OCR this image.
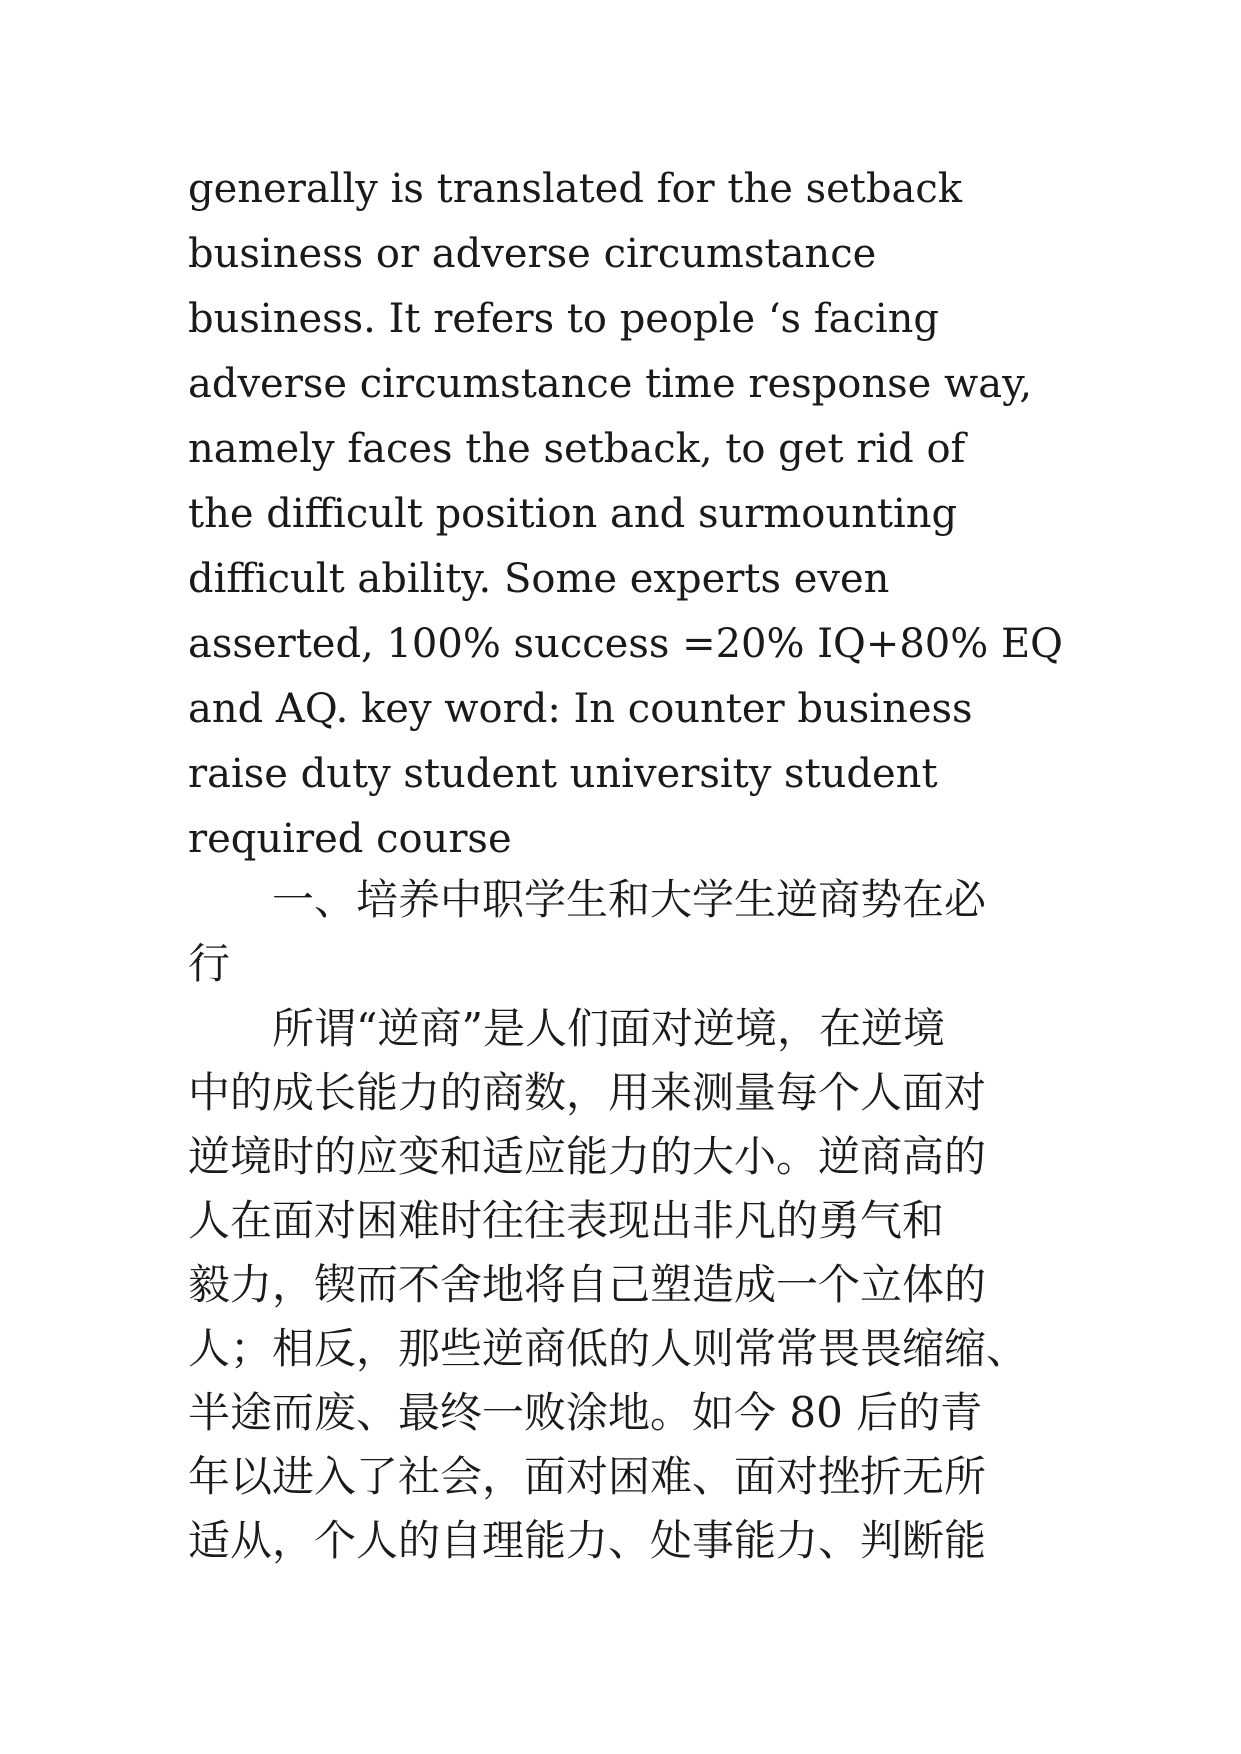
generally is translated for the setback
business or adverse circumstance
business. It refers to people ‘s facing
adverse circumstance time response way,
namely faces the setback, to get rid of
the difficult position and surmounting
difficult ability. Some experts even
asserted, 100% success =20% IQ+80% EQ
and AQ. key word: In counter business
raise duty student university student
required course
　　一、培养中职学生和大学生逆商势在必
行
　　所谓“逆商”是人们面对逆境，在逆境
中的成长能力的商数，用来测量每个人面对
逆境时的应变和适应能力的大小。逆商高的
人在面对困难时往往表现出非凡的勇气和
毅力，锲而不舍地将自己塑造成一个立体的
人；相反，那些逆商低的人则常常畏畏缩缩、
半途而废、最终一败涂地。如今 80 后的青
年以进入了社会，面对困难、面对挫折无所
适从，个人的自理能力、处事能力、判断能
